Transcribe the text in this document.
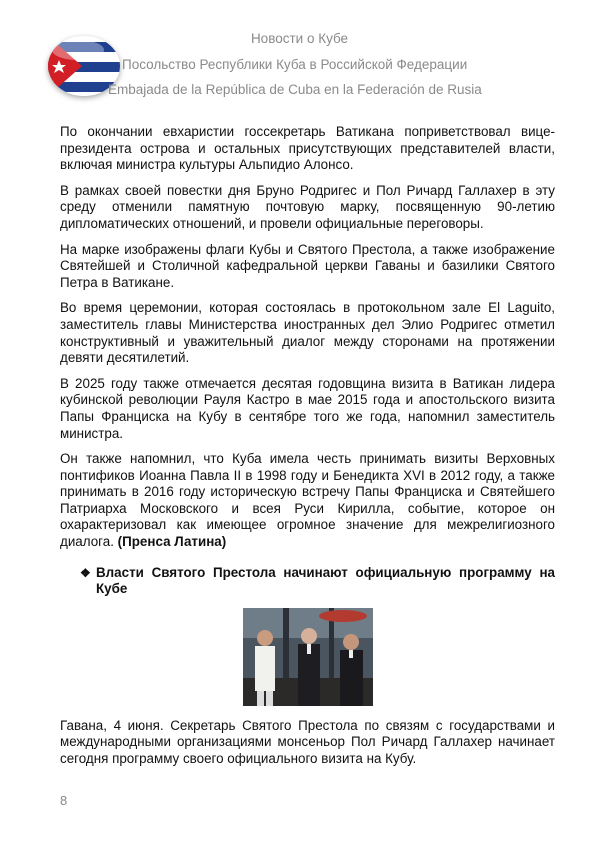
Новости о Кубе
Посольство Республики Куба в Российской Федерации
Embajada de la República de Cuba en la Federación de Rusia

По окончании евхаристии госсекретарь Ватикана поприветствовал вице-президента острова и остальных присутствующих представителей власти, включая министра культуры Альпидио Алонсо.

В рамках своей повестки дня Бруно Родригес и Пол Ричард Галлахер в эту среду отменили памятную почтовую марку, посвященную 90-летию дипломатических отношений, и провели официальные переговоры.

На марке изображены флаги Кубы и Святого Престола, а также изображение Святейшей и Столичной кафедральной церкви Гаваны и базилики Святого Петра в Ватикане.

Во время церемонии, которая состоялась в протокольном зале El Laguito, заместитель главы Министерства иностранных дел Элио Родригес отметил конструктивный и уважительный диалог между сторонами на протяжении девяти десятилетий.

В 2025 году также отмечается десятая годовщина визита в Ватикан лидера кубинской революции Рауля Кастро в мае 2015 года и апостольского визита Папы Франциска на Кубу в сентябре того же года, напомнил заместитель министра.

Он также напомнил, что Куба имела честь принимать визиты Верховных понтификов Иоанна Павла II в 1998 году и Бенедикта XVI в 2012 году, а также принимать в 2016 году историческую встречу Папы Франциска и Святейшего Патриарха Московского и всея Руси Кирилла, событие, которое он охарактеризовал как имеющее огромное значение для межрелигиозного диалога. (Пренса Латина)

❖ Власти Святого Престола начинают официальную программу на Кубе

Гавана, 4 июня. Секретарь Святого Престола по связям с государствами и международными организациями монсеньор Пол Ричард Галлахер начинает сегодня программу своего официального визита на Кубу.

8
